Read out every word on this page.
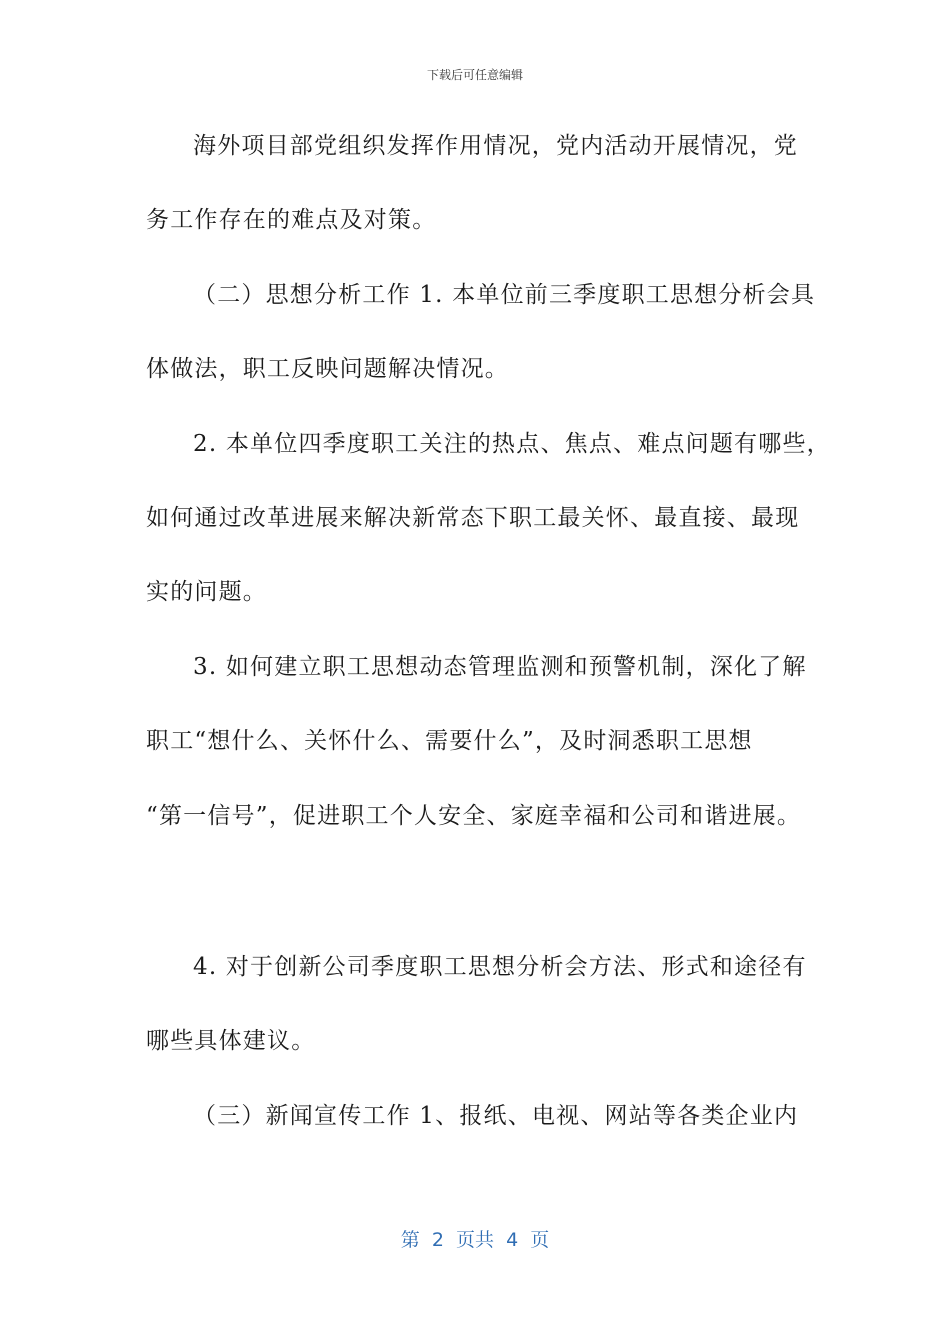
下载后可任意编辑
海外项目部党组织发挥作用情况，党内活动开展情况，党
务工作存在的难点及对策。
（二）思想分析工作 1. 本单位前三季度职工思想分析会具
体做法，职工反映问题解决情况。
2. 本单位四季度职工关注的热点、焦点、难点问题有哪些，
如何通过改革进展来解决新常态下职工最关怀、最直接、最现
实的问题。
3. 如何建立职工思想动态管理监测和预警机制，深化了解
职工“想什么、关怀什么、需要什么”，及时洞悉职工思想
“第一信号”，促进职工个人安全、家庭幸福和公司和谐进展。
4. 对于创新公司季度职工思想分析会方法、形式和途径有
哪些具体建议。
（三）新闻宣传工作 1、报纸、电视、网站等各类企业内
第  2  页共  4  页
